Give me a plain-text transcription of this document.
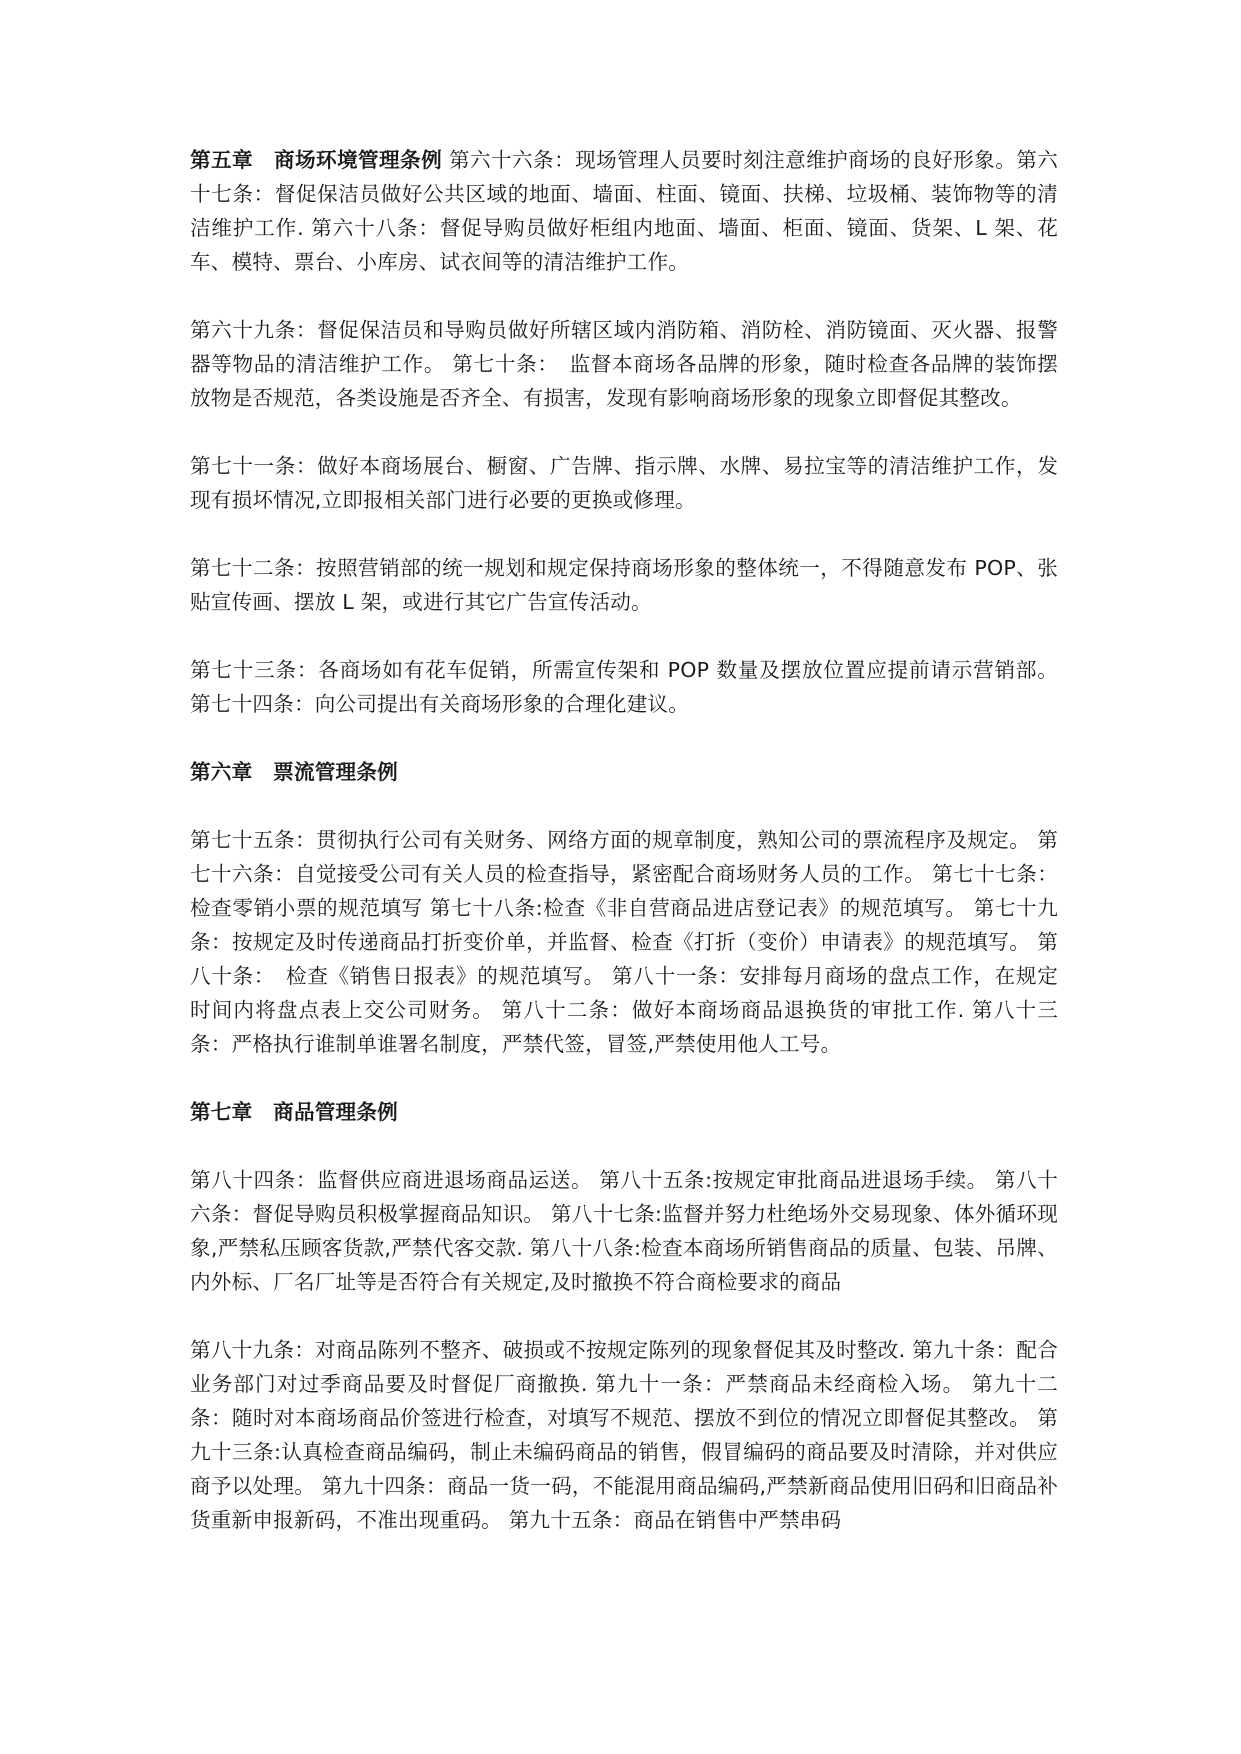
第五章　商场环境管理条例 第六十六条：现场管理人员要时刻注意维护商场的良好形象。第六十七条：督促保洁员做好公共区域的地面、墙面、柱面、镜面、扶梯、垃圾桶、装饰物等的清洁维护工作. 第六十八条：督促导购员做好柜组内地面、墙面、柜面、镜面、货架、L 架、花车、模特、票台、小库房、试衣间等的清洁维护工作。

第六十九条：督促保洁员和导购员做好所辖区域内消防箱、消防栓、消防镜面、灭火器、报警器等物品的清洁维护工作。 第七十条：　监督本商场各品牌的形象，随时检查各品牌的装饰摆放物是否规范，各类设施是否齐全、有损害，发现有影响商场形象的现象立即督促其整改。

第七十一条：做好本商场展台、橱窗、广告牌、指示牌、水牌、易拉宝等的清洁维护工作，发现有损坏情况,立即报相关部门进行必要的更换或修理。

第七十二条：按照营销部的统一规划和规定保持商场形象的整体统一，不得随意发布 POP、张贴宣传画、摆放 L 架，或进行其它广告宣传活动。

第七十三条：各商场如有花车促销，所需宣传架和 POP 数量及摆放位置应提前请示营销部。 第七十四条：向公司提出有关商场形象的合理化建议。

第六章　票流管理条例

第七十五条：贯彻执行公司有关财务、网络方面的规章制度，熟知公司的票流程序及规定。 第七十六条：自觉接受公司有关人员的检查指导，紧密配合商场财务人员的工作。 第七十七条：检查零销小票的规范填写 第七十八条:检查《非自营商品进店登记表》的规范填写。 第七十九条：按规定及时传递商品打折变价单，并监督、检查《打折（变价）申请表》的规范填写。 第八十条：　检查《销售日报表》的规范填写。 第八十一条：安排每月商场的盘点工作，在规定时间内将盘点表上交公司财务。 第八十二条：做好本商场商品退换货的审批工作. 第八十三条：严格执行谁制单谁署名制度，严禁代签，冒签,严禁使用他人工号。

第七章　商品管理条例

第八十四条：监督供应商进退场商品运送。 第八十五条:按规定审批商品进退场手续。 第八十六条：督促导购员积极掌握商品知识。 第八十七条:监督并努力杜绝场外交易现象、体外循环现象,严禁私压顾客货款,严禁代客交款. 第八十八条:检查本商场所销售商品的质量、包装、吊牌、内外标、厂名厂址等是否符合有关规定,及时撤换不符合商检要求的商品

第八十九条：对商品陈列不整齐、破损或不按规定陈列的现象督促其及时整改. 第九十条：配合业务部门对过季商品要及时督促厂商撤换. 第九十一条：严禁商品未经商检入场。 第九十二条：随时对本商场商品价签进行检查，对填写不规范、摆放不到位的情况立即督促其整改。 第九十三条:认真检查商品编码，制止未编码商品的销售，假冒编码的商品要及时清除，并对供应商予以处理。 第九十四条：商品一货一码，不能混用商品编码,严禁新商品使用旧码和旧商品补货重新申报新码，不准出现重码。 第九十五条：商品在销售中严禁串码
